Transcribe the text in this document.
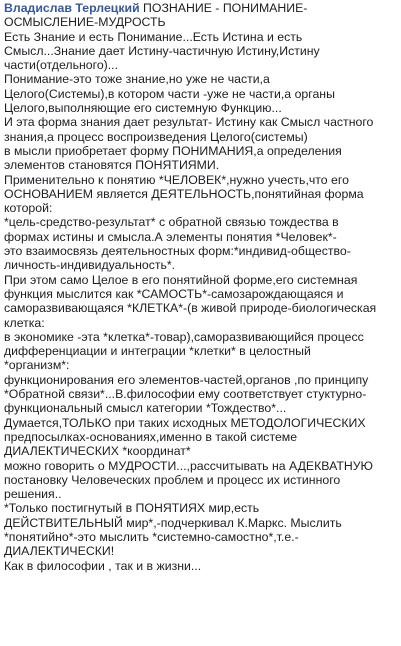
Владислав Терлецкий ПОЗНАНИЕ - ПОНИМАНИЕ-
ОСМЫСЛЕНИЕ-МУДРОСТЬ
Есть Знание и есть Понимание...Есть Истина и есть
Смысл...Знание дает Истину-частичную Истину,Истину
части(отдельного)...
Понимание-это тоже знание,но уже не части,а
Целого(Системы),в котором части -уже не части,а органы
Целого,выполняющие его системную Функцию...
И эта форма знания дает результат- Истину как Смысл частного
знания,а процесс воспроизведения Целого(системы)
в мысли приобретает форму ПОНИМАНИЯ,а определения
элементов становятся ПОНЯТИЯМИ.
Применительно к понятию *ЧЕЛОВЕК*,нужно учесть,что его
ОСНОВАНИЕМ является ДЕЯТЕЛЬНОСТЬ,понятийная форма
которой:
*цель-средство-результат* с обратной связью тождества в
формах истины и смысла.А элементы понятия *Человек*-
это взаимосвязь деятельностных форм:*индивид-общество-
личность-индивидуальность*.
При этом само Целое в его понятийной форме,его системная
функция мыслится как *САМОСТЬ*-самозарождающаяся и
саморазвивающаяся *КЛЕТКА*-(в живой природе-биологическая
клетка:
в экономике -эта *клетка*-товар),саморазвивающийся процесс
дифференциации и интеграции *клетки* в целостный
*организм*:
функционирования его элементов-частей,органов ,по принципу
*Обратной связи*...В.философии ему соответствует стуктурно-
функциональный смысл категории *Тождество*...
Думается,ТОЛЬКО при таких исходных МЕТОДОЛОГИЧЕСКИХ
предпосылках-основаниях,именно в такой системе
ДИАЛЕКТИЧЕСКИХ *координат*
можно говорить о МУДРОСТИ...,рассчитывать на АДЕКВАТНУЮ
постановку Человеческих проблем и процесс их истинного
решения..
*Только постигнутый в ПОНЯТИЯХ мир,есть
ДЕЙСТВИТЕЛЬНЫЙ мир*,-подчеркивал К.Маркс. Мыслить
*понятийно*-это мыслить *системно-самостно*,т.е.-
ДИАЛЕКТИЧЕСКИ!
Как в философии , так и в жизни...
